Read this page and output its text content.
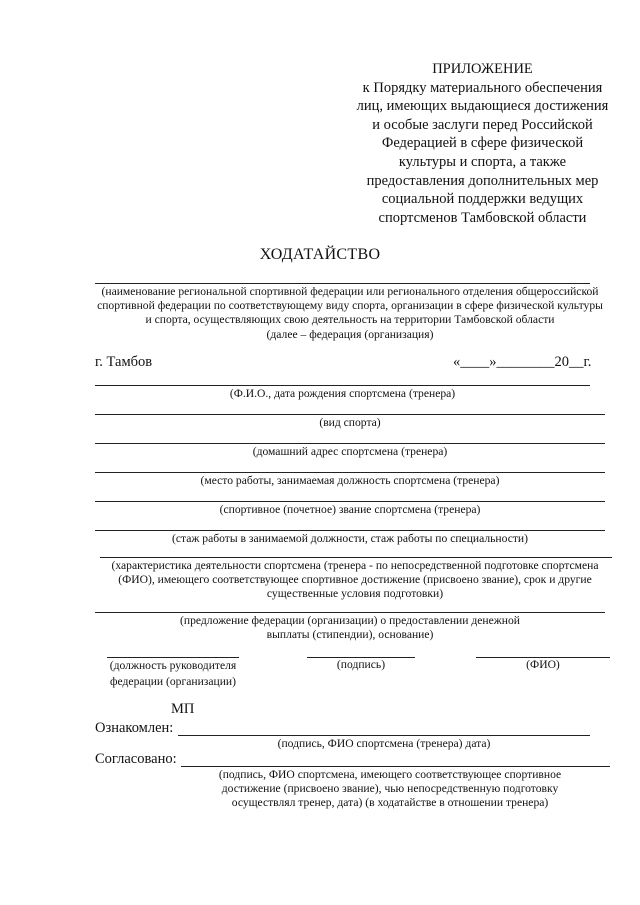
ПРИЛОЖЕНИЕ
к Порядку материального обеспечения
лиц, имеющих выдающиеся достижения
и особые заслуги перед Российской
Федерацией в сфере физической
культуры и спорта, а также
предоставления дополнительных мер
социальной поддержки ведущих
спортсменов Тамбовской области
ХОДАТАЙСТВО
(наименование региональной спортивной федерации или регионального отделения общероссийской
спортивной федерации по соответствующему виду спорта, организации в сфере физической культуры
и спорта, осуществляющих свою деятельность на территории Тамбовской области
(далее – федерация (организация)
г. Тамбов	«____»________20__г.
(Ф.И.О., дата рождения спортсмена (тренера)
(вид спорта)
(домашний адрес спортсмена (тренера)
(место работы, занимаемая должность спортсмена (тренера)
(спортивное (почетное) звание спортсмена (тренера)
(стаж работы в занимаемой должности, стаж работы по специальности)
(характеристика деятельности спортсмена (тренера - по непосредственной подготовке спортсмена
(ФИО), имеющего соответствующее спортивное достижение (присвоено звание), срок и другие
существенные условия подготовки)
(предложение федерации (организации) о предоставлении денежной
выплаты (стипендии), основание)
(должность руководителя
федерации (организации)
(подпись)	(ФИО)
МП
Ознакомлен:
(подпись, ФИО спортсмена (тренера) дата)
Согласовано:
(подпись, ФИО спортсмена, имеющего соответствующее спортивное
достижение (присвоено звание), чью непосредственную подготовку
осуществлял тренер, дата) (в ходатайстве в отношении тренера)
